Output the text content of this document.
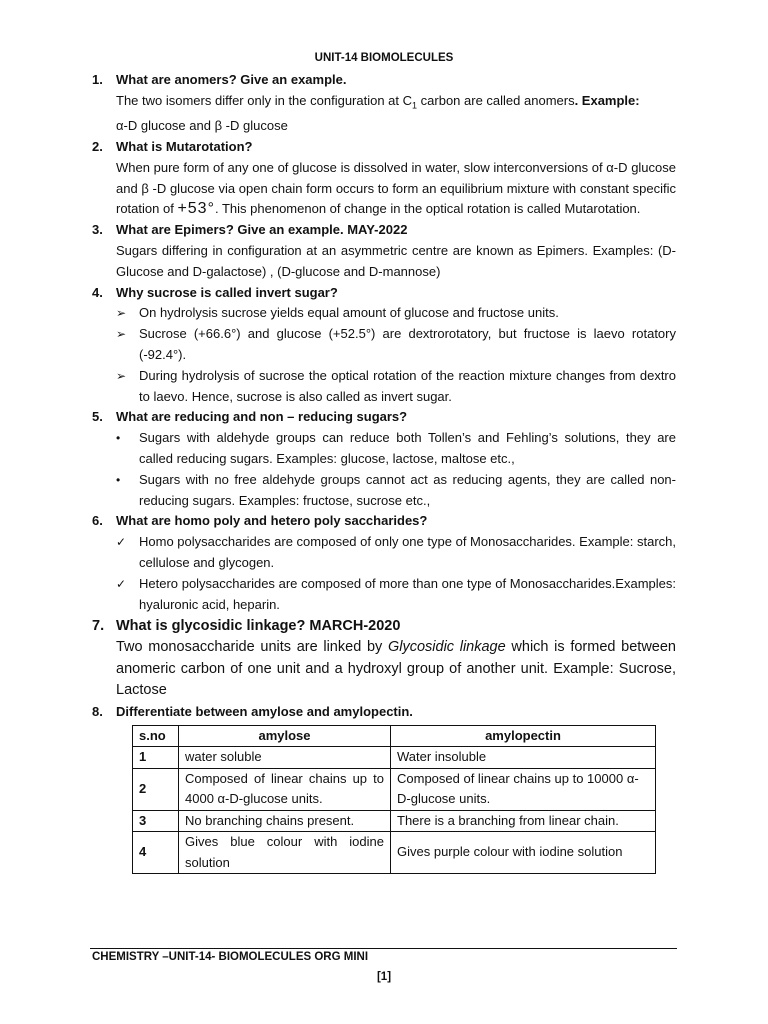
UNIT-14 BIOMOLECULES
1. What are anomers? Give an example.
The two isomers differ only in the configuration at $C_1$ carbon are called anomers. Example:
α-D glucose and β -D glucose
2. What is Mutarotation?
When pure form of any one of glucose is dissolved in water, slow interconversions of α-D glucose and β -D glucose via open chain form occurs to form an equilibrium mixture with constant specific rotation of +53°. This phenomenon of change in the optical rotation is called Mutarotation.
3. What are Epimers? Give an example. MAY-2022
Sugars differing in configuration at an asymmetric centre are known as Epimers. Examples: (D-Glucose and D-galactose) , (D-glucose and D-mannose)
4. Why sucrose is called invert sugar?
➢ On hydrolysis sucrose yields equal amount of glucose and fructose units.
➢ Sucrose (+66.6°) and glucose (+52.5°) are dextrorotatory, but fructose is laevo rotatory (-92.4°).
➢ During hydrolysis of sucrose the optical rotation of the reaction mixture changes from dextro to laevo. Hence, sucrose is also called as invert sugar.
5. What are reducing and non – reducing sugars?
• Sugars with aldehyde groups can reduce both Tollen’s and Fehling’s solutions, they are called reducing sugars. Examples: glucose, lactose, maltose etc.,
• Sugars with no free aldehyde groups cannot act as reducing agents, they are called non-reducing sugars. Examples: fructose, sucrose etc.,
6. What are homo poly and hetero poly saccharides?
✓ Homo polysaccharides are composed of only one type of Monosaccharides. Example: starch, cellulose and glycogen.
✓ Hetero polysaccharides are composed of more than one type of Monosaccharides.Examples: hyaluronic acid, heparin.
7. What is glycosidic linkage? MARCH-2020
Two monosaccharide units are linked by Glycosidic linkage which is formed between anomeric carbon of one unit and a hydroxyl group of another unit. Example: Sucrose, Lactose
8. Differentiate between amylose and amylopectin.
s.no	amylose	amylopectin
1	water soluble	Water insoluble
2	Composed of linear chains up to 4000 α-D-glucose units.	Composed of linear chains up to 10000 α-D-glucose units.
3	No branching chains present.	There is a branching from linear chain.
4	Gives blue colour with iodine solution	Gives purple colour with iodine solution
CHEMISTRY –UNIT-14- BIOMOLECULES ORG MINI
[1]
